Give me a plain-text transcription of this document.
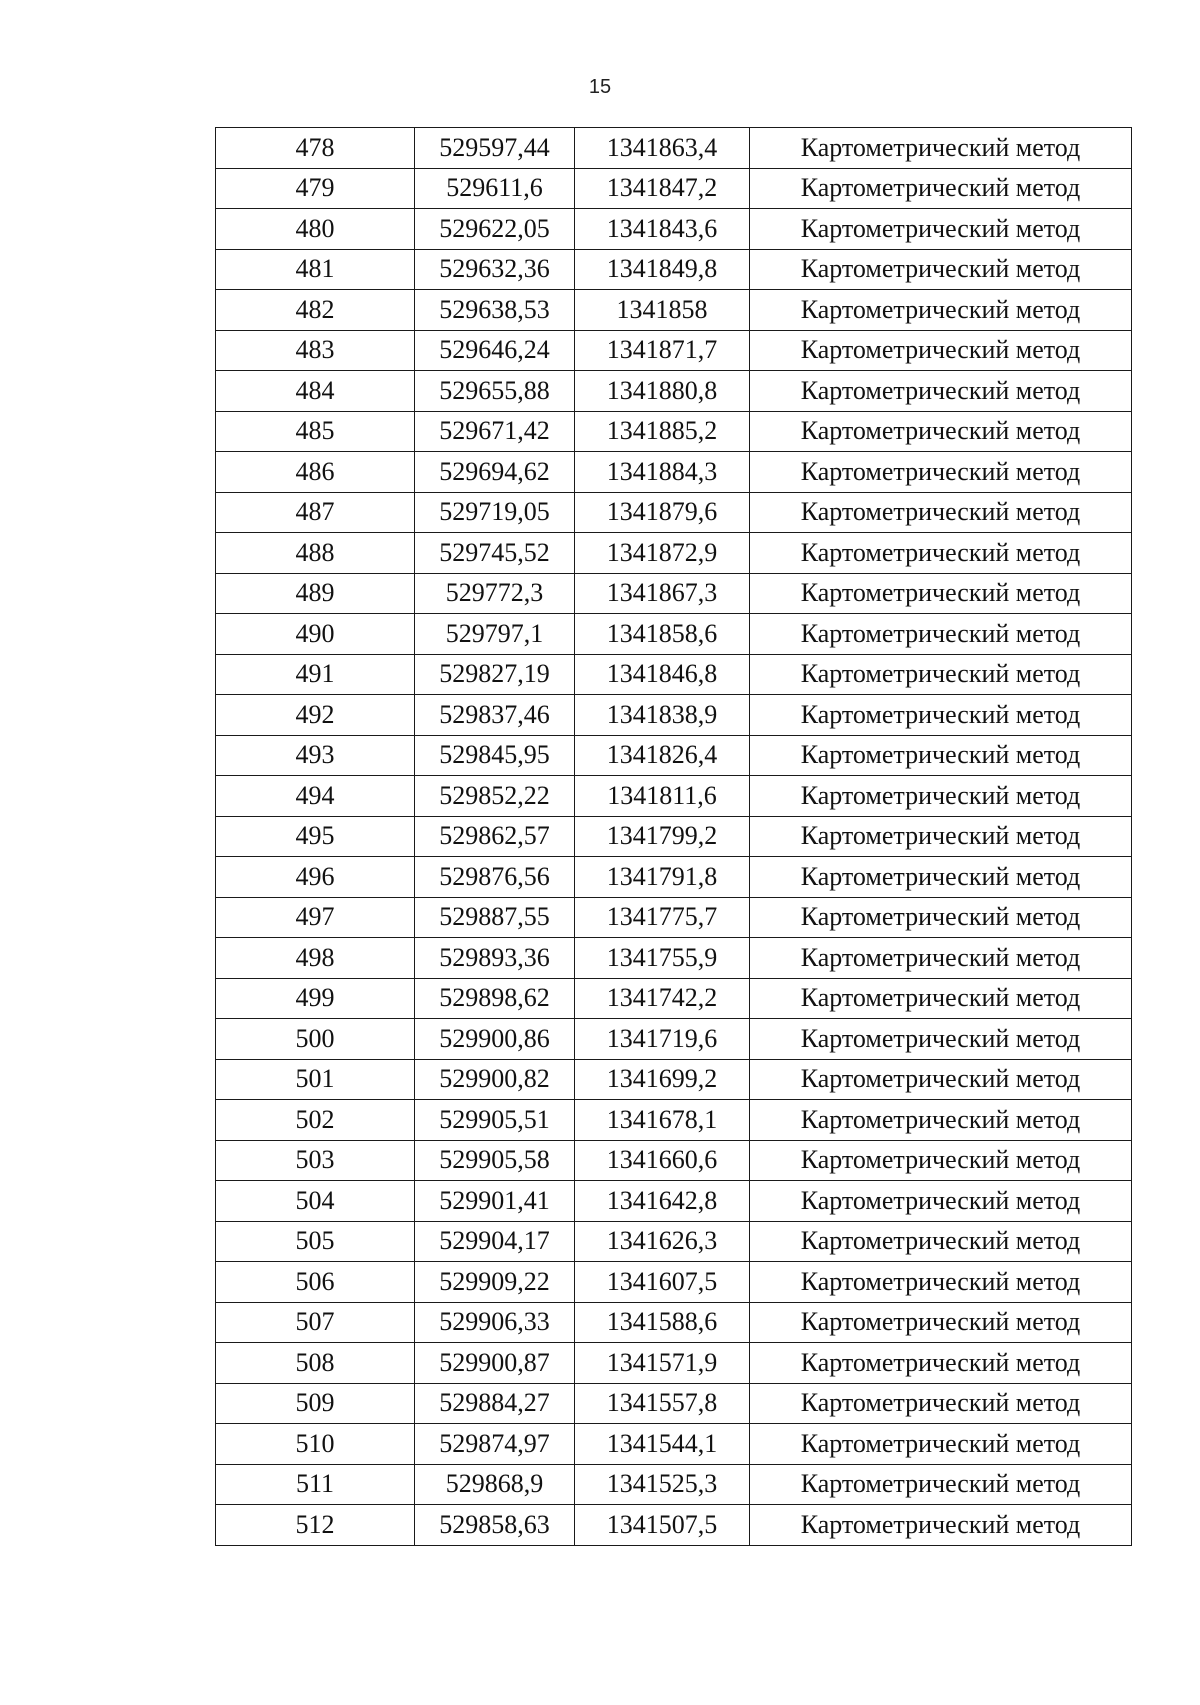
15
478	529597,44	1341863,4	Картометрический метод
479	529611,6	1341847,2	Картометрический метод
480	529622,05	1341843,6	Картометрический метод
481	529632,36	1341849,8	Картометрический метод
482	529638,53	1341858	Картометрический метод
483	529646,24	1341871,7	Картометрический метод
484	529655,88	1341880,8	Картометрический метод
485	529671,42	1341885,2	Картометрический метод
486	529694,62	1341884,3	Картометрический метод
487	529719,05	1341879,6	Картометрический метод
488	529745,52	1341872,9	Картометрический метод
489	529772,3	1341867,3	Картометрический метод
490	529797,1	1341858,6	Картометрический метод
491	529827,19	1341846,8	Картометрический метод
492	529837,46	1341838,9	Картометрический метод
493	529845,95	1341826,4	Картометрический метод
494	529852,22	1341811,6	Картометрический метод
495	529862,57	1341799,2	Картометрический метод
496	529876,56	1341791,8	Картометрический метод
497	529887,55	1341775,7	Картометрический метод
498	529893,36	1341755,9	Картометрический метод
499	529898,62	1341742,2	Картометрический метод
500	529900,86	1341719,6	Картометрический метод
501	529900,82	1341699,2	Картометрический метод
502	529905,51	1341678,1	Картометрический метод
503	529905,58	1341660,6	Картометрический метод
504	529901,41	1341642,8	Картометрический метод
505	529904,17	1341626,3	Картометрический метод
506	529909,22	1341607,5	Картометрический метод
507	529906,33	1341588,6	Картометрический метод
508	529900,87	1341571,9	Картометрический метод
509	529884,27	1341557,8	Картометрический метод
510	529874,97	1341544,1	Картометрический метод
511	529868,9	1341525,3	Картометрический метод
512	529858,63	1341507,5	Картометрический метод
